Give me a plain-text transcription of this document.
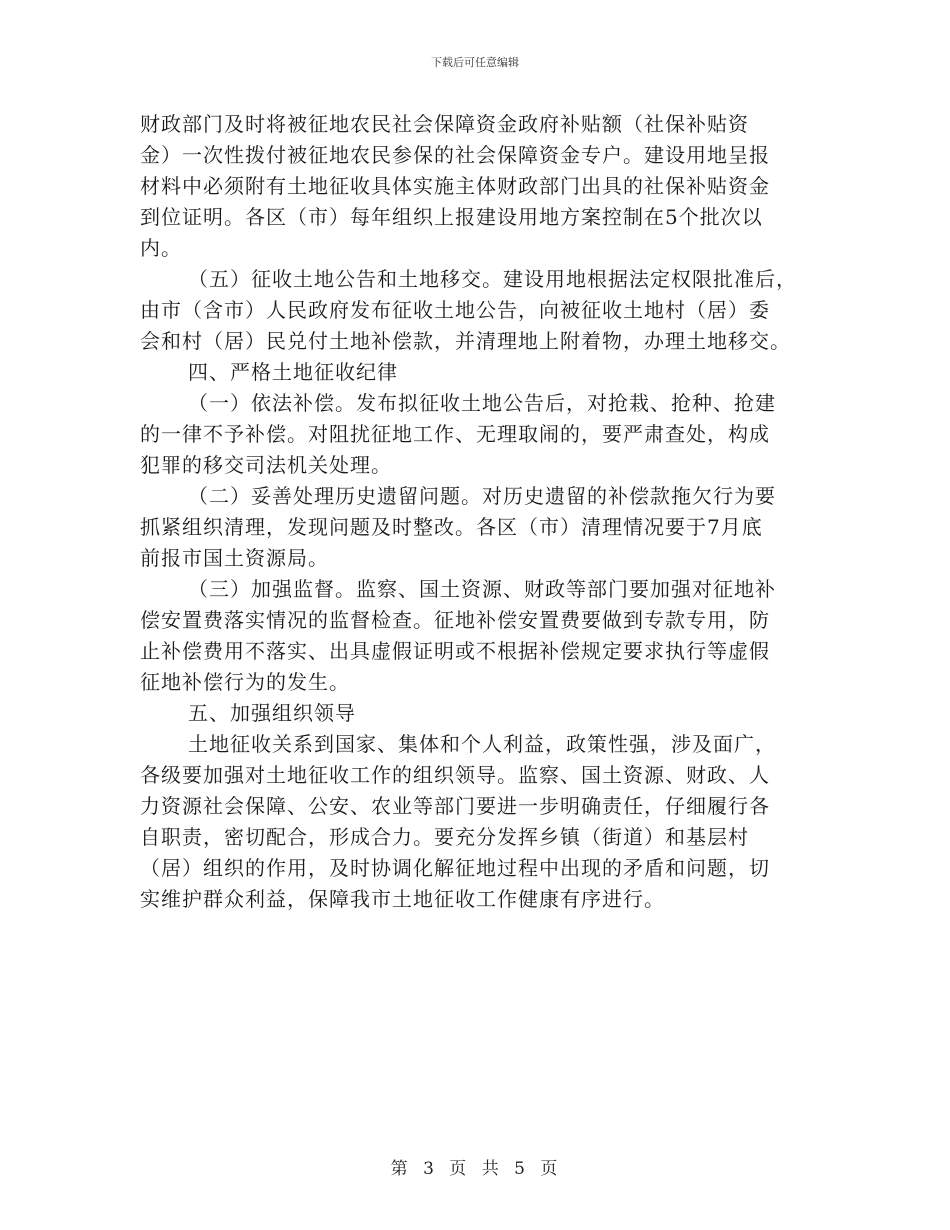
下载后可任意编辑
财政部门及时将被征地农民社会保障资金政府补贴额（社保补贴资
金）一次性拨付被征地农民参保的社会保障资金专户。建设用地呈报
材料中必须附有土地征收具体实施主体财政部门出具的社保补贴资金
到位证明。各区（市）每年组织上报建设用地方案控制在5个批次以
内。
（五）征收土地公告和土地移交。建设用地根据法定权限批准后，
由市（含市）人民政府发布征收土地公告，向被征收土地村（居）委
会和村（居）民兑付土地补偿款，并清理地上附着物，办理土地移交。
四、严格土地征收纪律
（一）依法补偿。发布拟征收土地公告后，对抢栽、抢种、抢建
的一律不予补偿。对阻扰征地工作、无理取闹的，要严肃查处，构成
犯罪的移交司法机关处理。
（二）妥善处理历史遗留问题。对历史遗留的补偿款拖欠行为要
抓紧组织清理，发现问题及时整改。各区（市）清理情况要于7月底
前报市国土资源局。
（三）加强监督。监察、国土资源、财政等部门要加强对征地补
偿安置费落实情况的监督检查。征地补偿安置费要做到专款专用，防
止补偿费用不落实、出具虚假证明或不根据补偿规定要求执行等虚假
征地补偿行为的发生。
五、加强组织领导
土地征收关系到国家、集体和个人利益，政策性强，涉及面广，
各级要加强对土地征收工作的组织领导。监察、国土资源、财政、人
力资源社会保障、公安、农业等部门要进一步明确责任，仔细履行各
自职责，密切配合，形成合力。要充分发挥乡镇（街道）和基层村
（居）组织的作用，及时协调化解征地过程中出现的矛盾和问题，切
实维护群众利益，保障我市土地征收工作健康有序进行。
第 3 页 共 5 页
